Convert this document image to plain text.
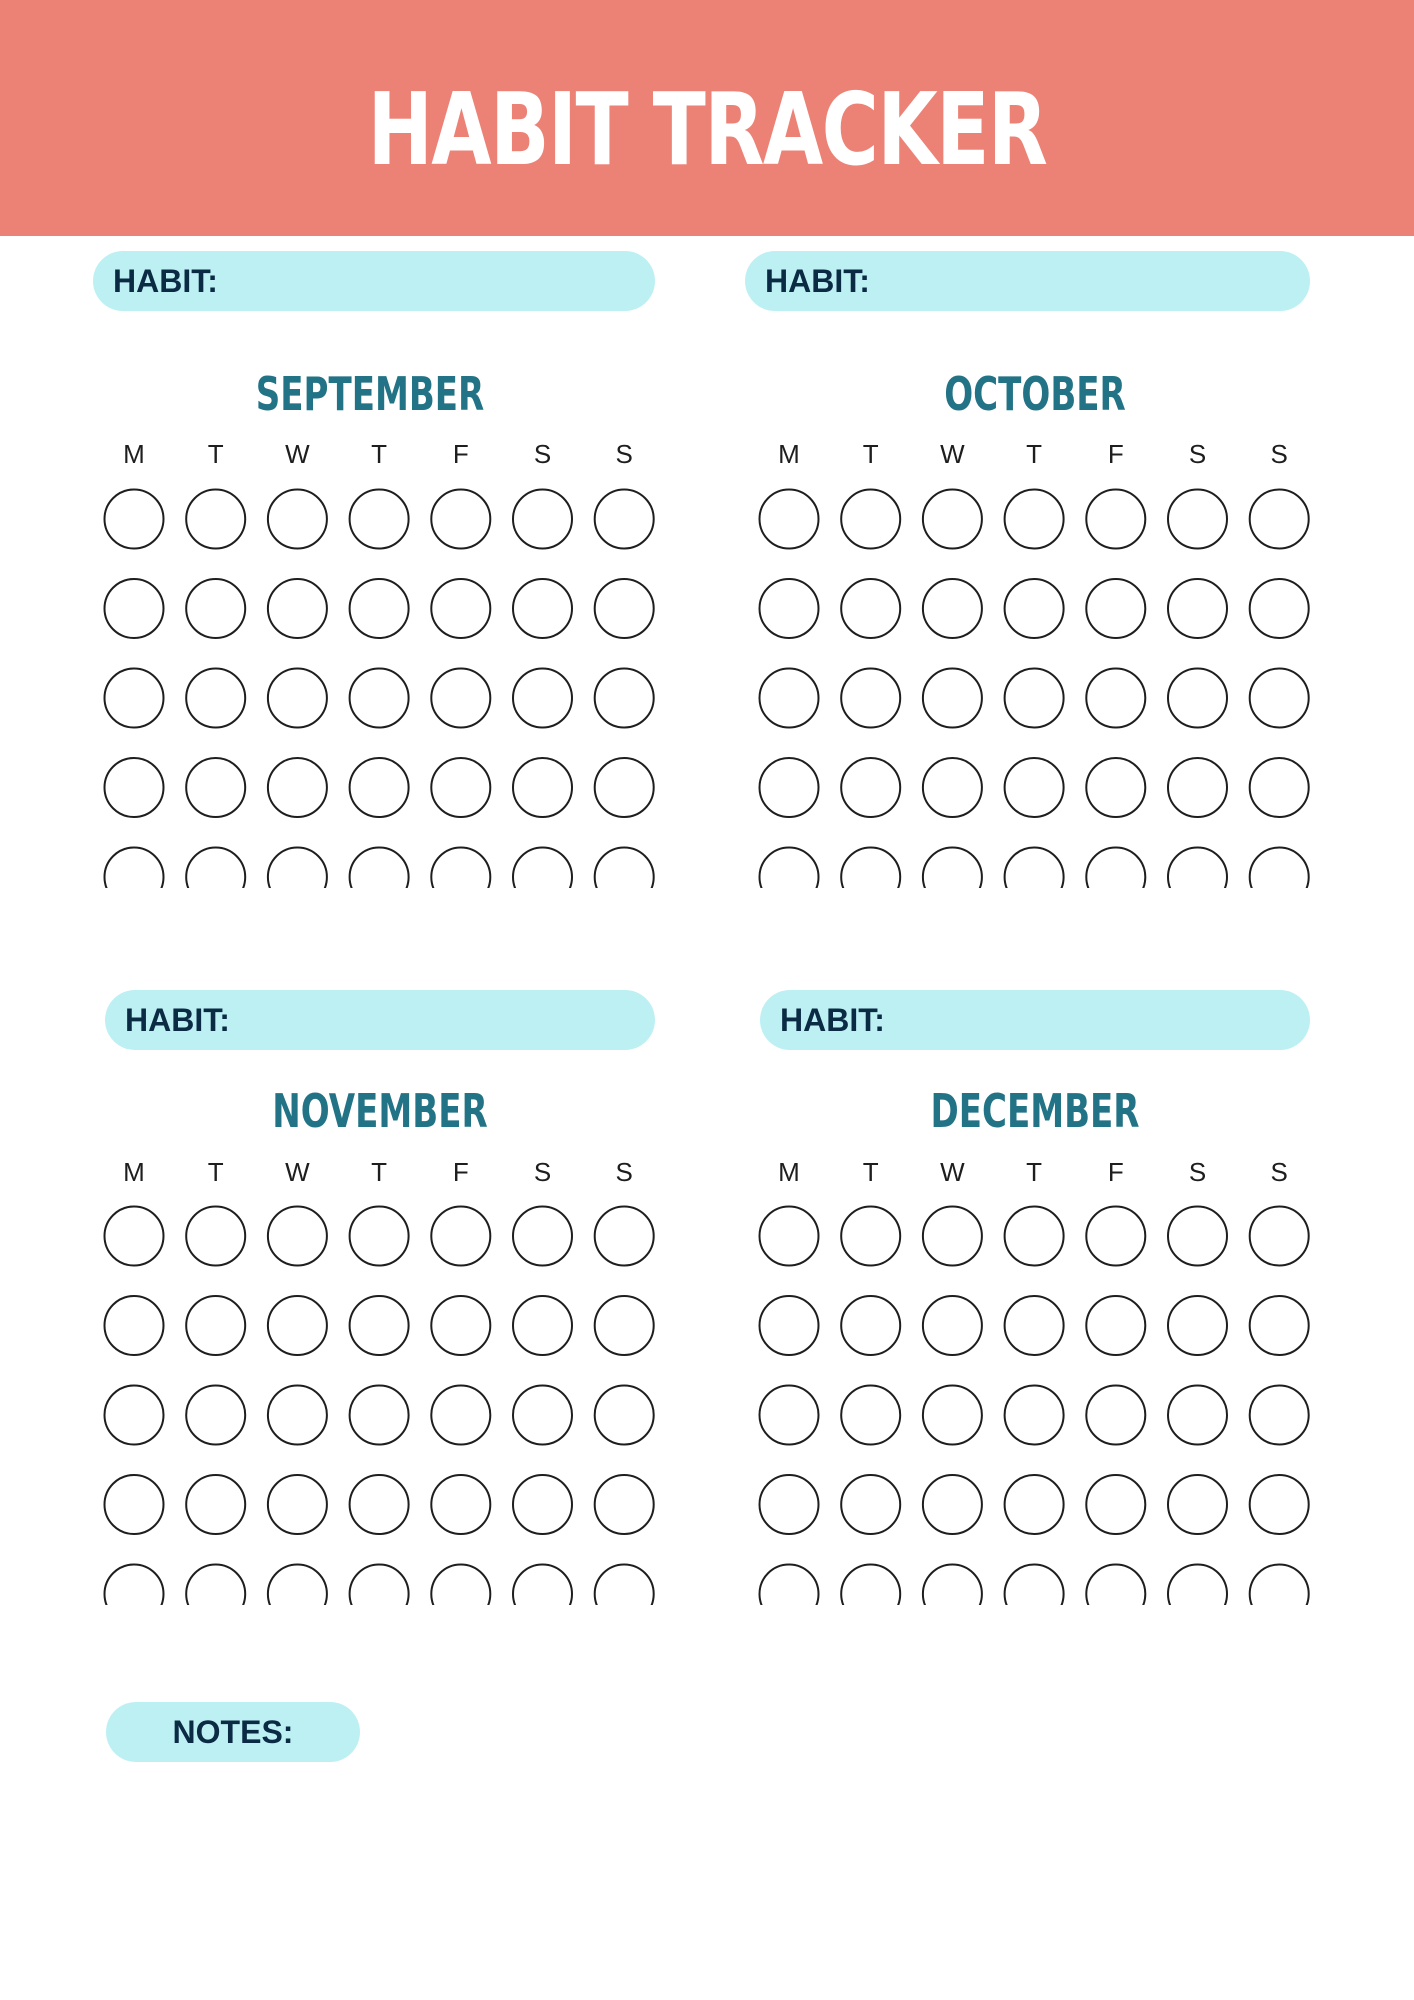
HABIT TRACKER
HABIT:	HABIT:
HABIT:	HABIT:
SEPTEMBER	OCTOBER
NOVEMBER	DECEMBER
M	T	W	T	F	S	S	M	T	W	T	F	S	S
M	T	W	T	F	S	S	M	T	W	T	F	S	S
NOTES:
